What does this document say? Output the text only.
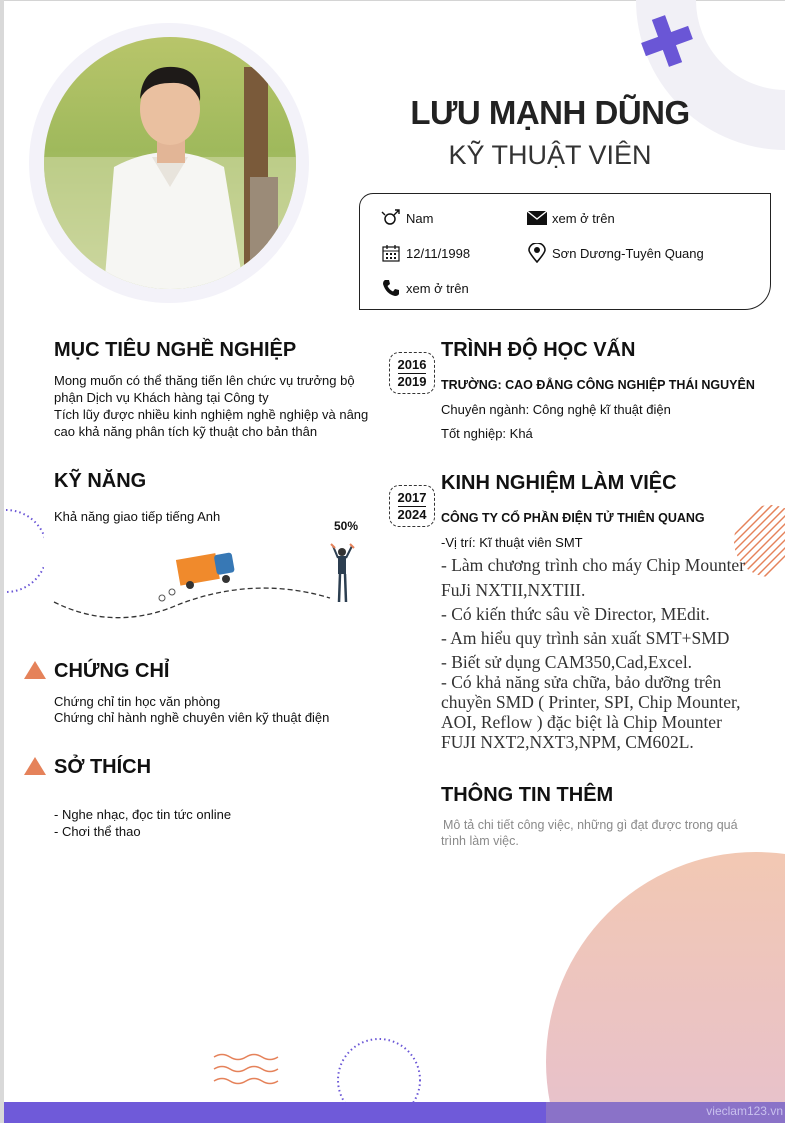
vieclam123.vn
LƯU MẠNH DŨNG
KỸ THUẬT VIÊN
Nam	xem ở trên
12/11/1998	Sơn Dương-Tuyên Quang
xem ở trên
MỤC TIÊU NGHỀ NGHIỆP
Mong muốn có thể thăng tiến lên chức vụ trưởng bộ
phận Dịch vụ Khách hàng tại Công ty
Tích lũy được nhiều kinh nghiệm nghề nghiệp và nâng
cao khả năng phân tích kỹ thuật cho bản thân
KỸ NĂNG
Khả năng giao tiếp tiếng Anh
50%
CHỨNG CHỈ
Chứng chỉ tin học văn phòng
Chứng chỉ hành nghề chuyên viên kỹ thuật điện
SỞ THÍCH
- Nghe nhạc, đọc tin tức online
- Chơi thể thao
2016
2019
TRÌNH ĐỘ HỌC VẤN
TRƯỜNG: CAO ĐẲNG CÔNG NGHIỆP THÁI NGUYÊN
Chuyên ngành: Công nghệ kĩ thuật điện
Tốt nghiệp: Khá
2017
2024
KINH NGHIỆM LÀM VIỆC
CÔNG TY CỔ PHẦN ĐIỆN TỬ THIÊN QUANG
-Vị trí: Kĩ thuật viên SMT
- Làm chương trình cho máy Chip Mounter
FuJi NXTII,NXTIII.
- Có kiến thức sâu về Director, MEdit.
- Am hiểu quy trình sản xuất SMT+SMD
- Biết sử dụng CAM350,Cad,Excel.
- Có khả năng sửa chữa, bảo dưỡng trên
chuyền SMD ( Printer, SPI, Chip Mounter,
AOI, Reflow ) đặc biệt là Chip Mounter
FUJI NXT2,NXT3,NPM, CM602L.
THÔNG TIN THÊM
Mô tả chi tiết công việc, những gì đạt được trong quá
trình làm việc.
